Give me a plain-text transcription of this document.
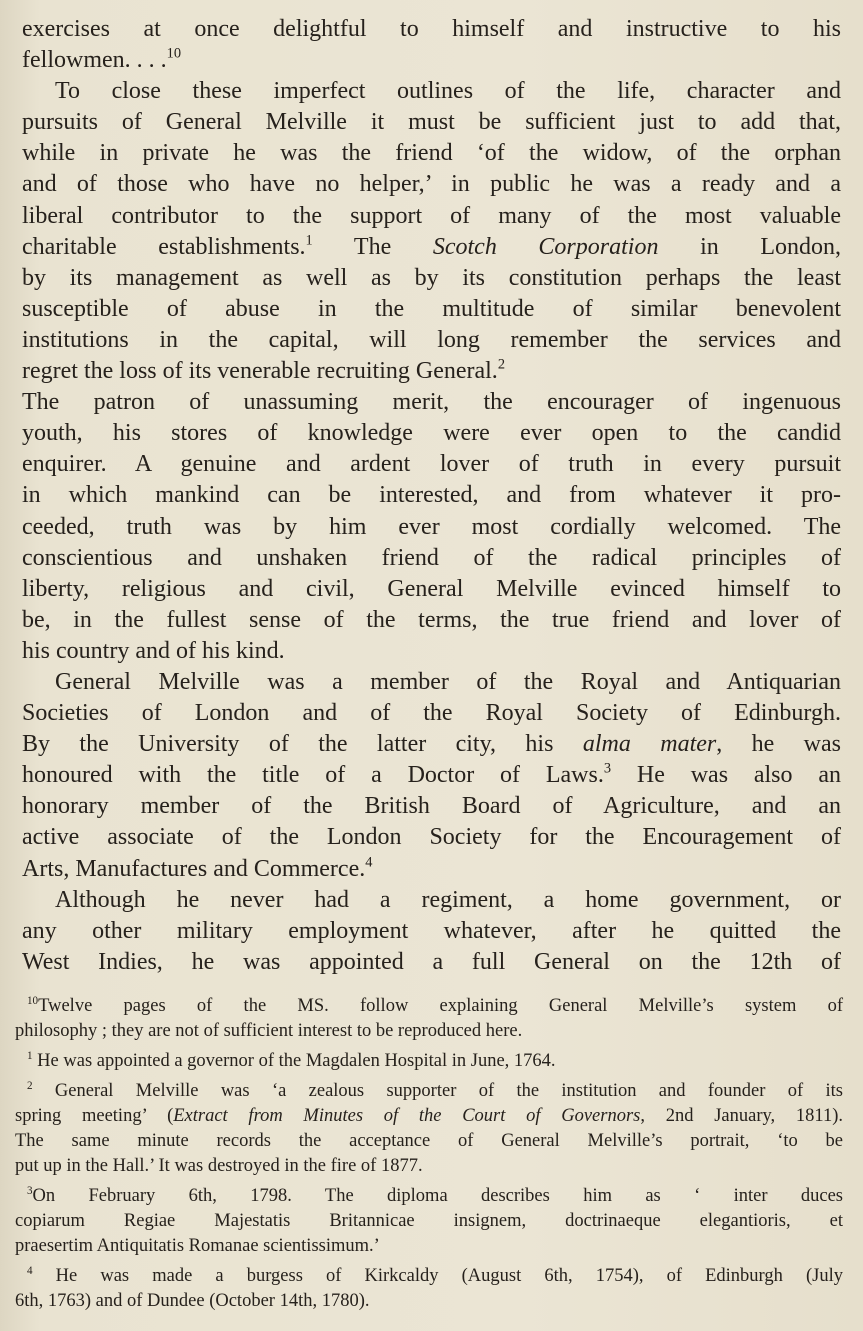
exercises at once delightful to himself and instructive to his
fellowmen. . . .$^{10}$
To close these imperfect outlines of the life, character and
pursuits of General Melville it must be sufficient just to add that,
while in private he was the friend ‘of the widow, of the orphan
and of those who have no helper,’ in public he was a ready and a
liberal contributor to the support of many of the most valuable
charitable establishments.$^1$ The Scotch Corporation in London,
by its management as well as by its constitution perhaps the least
susceptible of abuse in the multitude of similar benevolent
institutions in the capital, will long remember the services and
regret the loss of its venerable recruiting General.$^2$
The patron of unassuming merit, the encourager of ingenuous
youth, his stores of knowledge were ever open to the candid
enquirer. A genuine and ardent lover of truth in every pursuit
in which mankind can be interested, and from whatever it pro-
ceeded, truth was by him ever most cordially welcomed. The
conscientious and unshaken friend of the radical principles of
liberty, religious and civil, General Melville evinced himself to
be, in the fullest sense of the terms, the true friend and lover of
his country and of his kind.
General Melville was a member of the Royal and Antiquarian
Societies of London and of the Royal Society of Edinburgh.
By the University of the latter city, his alma mater, he was
honoured with the title of a Doctor of Laws.$^3$ He was also an
honorary member of the British Board of Agriculture, and an
active associate of the London Society for the Encouragement of
Arts, Manufactures and Commerce.$^4$
Although he never had a regiment, a home government, or
any other military employment whatever, after he quitted the
West Indies, he was appointed a full General on the 12th of
$^{10}$Twelve pages of the MS. follow explaining General Melville’s system of
philosophy ; they are not of sufficient interest to be reproduced here.
$^1$ He was appointed a governor of the Magdalen Hospital in June, 1764.
$^2$ General Melville was ‘a zealous supporter of the institution and founder of its
spring meeting’ (Extract from Minutes of the Court of Governors, 2nd January, 1811).
The same minute records the acceptance of General Melville’s portrait, ‘to be
put up in the Hall.’ It was destroyed in the fire of 1877.
$^3$On February 6th, 1798. The diploma describes him as ‘ inter duces
copiarum Regiae Majestatis Britannicae insignem, doctrinaeque elegantioris, et
praesertim Antiquitatis Romanae scientissimum.’
$^4$ He was made a burgess of Kirkcaldy (August 6th, 1754), of Edinburgh (July
6th, 1763) and of Dundee (October 14th, 1780).
